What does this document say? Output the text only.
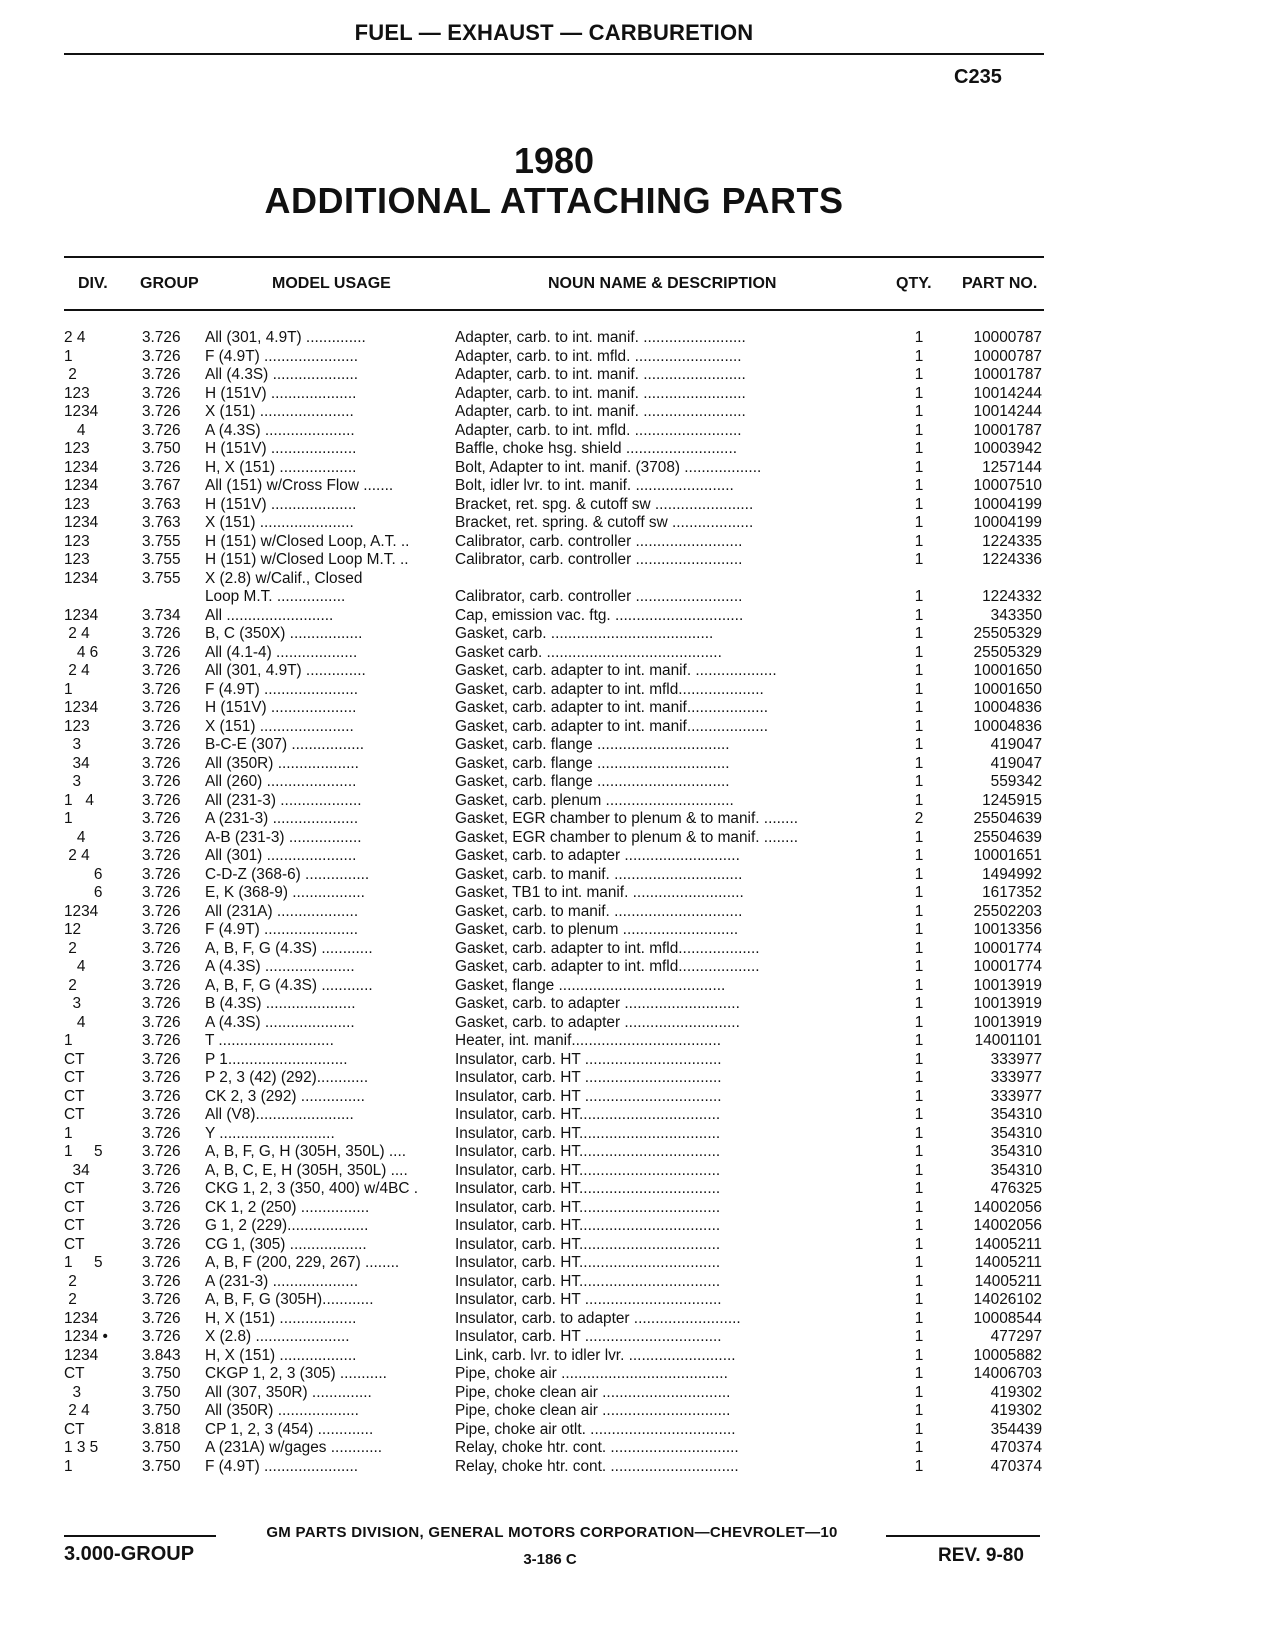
FUEL — EXHAUST — CARBURETION
C235
1980
ADDITIONAL ATTACHING PARTS
DIV. GROUP	MODEL USAGE	NOUN NAME & DESCRIPTION	QTY. PART NO.
2 4	3.726	All (301, 4.9T) ..............	Adapter, carb. to int. manif. ........................	1	10000787
1	3.726	F (4.9T) ......................	Adapter, carb. to int. mfld. .........................	1	10000787
2	3.726	All (4.3S) ....................	Adapter, carb. to int. manif. ........................	1	10001787
123	3.726	H (151V) ....................	Adapter, carb. to int. manif. ........................	1	10014244
1234	3.726	X (151) ......................	Adapter, carb. to int. manif. ........................	1	10014244
4	3.726	A (4.3S) .....................	Adapter, carb. to int. mfld. .........................	1	10001787
123	3.750	H (151V) ....................	Baffle, choke hsg. shield ..........................	1	10003942
1234	3.726	H, X (151) ..................	Bolt, Adapter to int. manif. (3708) ..................	1	1257144
1234	3.767	All (151) w/Cross Flow .......	Bolt, idler lvr. to int. manif. .......................	1	10007510
123	3.763	H (151V) ....................	Bracket, ret. spg. & cutoff sw .......................	1	10004199
1234	3.763	X (151) ......................	Bracket, ret. spring. & cutoff sw ...................	1	10004199
123	3.755	H (151) w/Closed Loop, A.T. ..	Calibrator, carb. controller .........................	1	1224335
123	3.755	H (151) w/Closed Loop M.T. ..	Calibrator, carb. controller .........................	1	1224336
1234	3.755	X (2.8) w/Calif., Closed
Loop M.T. ................	Calibrator, carb. controller .........................	1	1224332
1234	3.734	All .........................	Cap, emission vac. ftg. ..............................	1	343350
2 4	3.726	B, C (350X) .................	Gasket, carb. ......................................	1	25505329
4 6	3.726	All (4.1-4) ...................	Gasket carb. .........................................	1	25505329
2 4	3.726	All (301, 4.9T) ..............	Gasket, carb. adapter to int. manif. ...................	1	10001650
1	3.726	F (4.9T) ......................	Gasket, carb. adapter to int. mfld....................	1	10001650
1234	3.726	H (151V) ....................	Gasket, carb. adapter to int. manif...................	1	10004836
123	3.726	X (151) ......................	Gasket, carb. adapter to int. manif...................	1	10004836
3	3.726	B-C-E (307) .................	Gasket, carb. flange ...............................	1	419047
34	3.726	All (350R) ...................	Gasket, carb. flange ...............................	1	419047
3	3.726	All (260) .....................	Gasket, carb. flange ...............................	1	559342
1   4	3.726	All (231-3) ...................	Gasket, carb. plenum ..............................	1	1245915
1	3.726	A (231-3) ....................	Gasket, EGR chamber to plenum & to manif. ........	2	25504639
4	3.726	A-B (231-3) .................	Gasket, EGR chamber to plenum & to manif. ........	1	25504639
2 4	3.726	All (301) .....................	Gasket, carb. to adapter ...........................	1	10001651
6	3.726	C-D-Z (368-6) ...............	Gasket, carb. to manif. ..............................	1	1494992
6	3.726	E, K (368-9) .................	Gasket, TB1 to int. manif. ..........................	1	1617352
1234	3.726	All (231A) ...................	Gasket, carb. to manif. ..............................	1	25502203
12	3.726	F (4.9T) ......................	Gasket, carb. to plenum ...........................	1	10013356
2	3.726	A, B, F, G (4.3S) ............	Gasket, carb. adapter to int. mfld...................	1	10001774
4	3.726	A (4.3S) .....................	Gasket, carb. adapter to int. mfld...................	1	10001774
2	3.726	A, B, F, G (4.3S) ............	Gasket, flange .......................................	1	10013919
3	3.726	B (4.3S) .....................	Gasket, carb. to adapter ...........................	1	10013919
4	3.726	A (4.3S) .....................	Gasket, carb. to adapter ...........................	1	10013919
1	3.726	T ...........................	Heater, int. manif...................................	1	14001101
CT	3.726	P 1............................	Insulator, carb. HT ................................	1	333977
CT	3.726	P 2, 3 (42) (292)............	Insulator, carb. HT ................................	1	333977
CT	3.726	CK 2, 3 (292) ...............	Insulator, carb. HT ................................	1	333977
CT	3.726	All (V8).......................	Insulator, carb. HT.................................	1	354310
1	3.726	Y ...........................	Insulator, carb. HT.................................	1	354310
1     5	3.726	A, B, F, G, H (305H, 350L) ....	Insulator, carb. HT.................................	1	354310
34	3.726	A, B, C, E, H (305H, 350L) ....	Insulator, carb. HT.................................	1	354310
CT	3.726	CKG 1, 2, 3 (350, 400) w/4BC .	Insulator, carb. HT.................................	1	476325
CT	3.726	CK 1, 2 (250) ................	Insulator, carb. HT.................................	1	14002056
CT	3.726	G 1, 2 (229)...................	Insulator, carb. HT.................................	1	14002056
CT	3.726	CG 1, (305) ..................	Insulator, carb. HT.................................	1	14005211
1     5	3.726	A, B, F (200, 229, 267) ........	Insulator, carb. HT.................................	1	14005211
2	3.726	A (231-3) ....................	Insulator, carb. HT.................................	1	14005211
2	3.726	A, B, F, G (305H)............	Insulator, carb. HT ................................	1	14026102
1234	3.726	H, X (151) ..................	Insulator, carb. to adapter .........................	1	10008544
1234 •	3.726	X (2.8) ......................	Insulator, carb. HT ................................	1	477297
1234	3.843	H, X (151) ..................	Link, carb. lvr. to idler lvr. .........................	1	10005882
CT	3.750	CKGP 1, 2, 3 (305) ...........	Pipe, choke air .......................................	1	14006703
3	3.750	All (307, 350R) ..............	Pipe, choke clean air ..............................	1	419302
2 4	3.750	All (350R) ...................	Pipe, choke clean air ..............................	1	419302
CT	3.818	CP 1, 2, 3 (454) .............	Pipe, choke air otlt. ..................................	1	354439
1 3 5	3.750	A (231A) w/gages ............	Relay, choke htr. cont. ..............................	1	470374
1	3.750	F (4.9T) ......................	Relay, choke htr. cont. ..............................	1	470374
GM PARTS DIVISION, GENERAL MOTORS CORPORATION—CHEVROLET—10
3.000-GROUP	3-186 C	REV. 9-80
